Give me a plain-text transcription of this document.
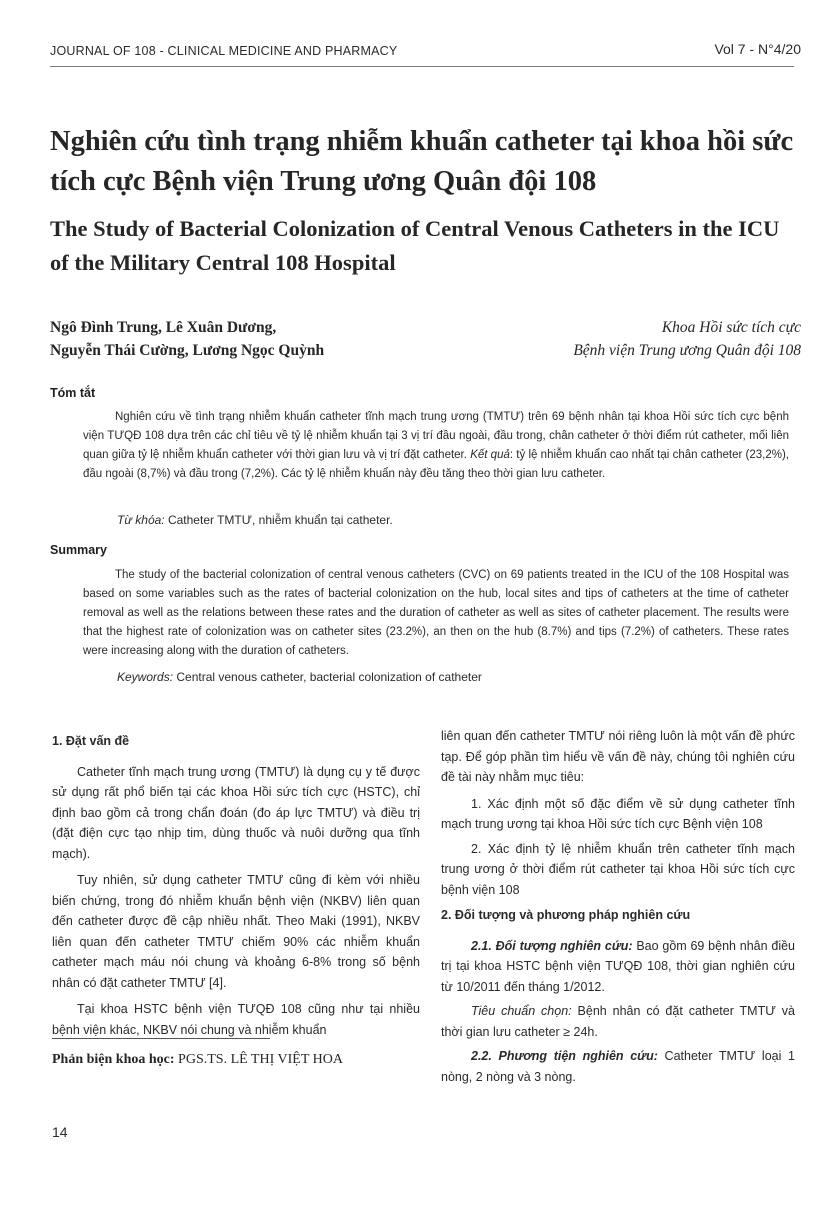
JOURNAL OF 108 - CLINICAL MEDICINE AND PHARMACY	Vol 7 - N°4/20
Nghiên cứu tình trạng nhiễm khuẩn catheter tại khoa hồi sức tích cực Bệnh viện Trung ương Quân đội 108
The Study of Bacterial Colonization of Central Venous Catheters in the ICU of the Military Central 108 Hospital
Ngô Đình Trung, Lê Xuân Dương,
Nguyễn Thái Cường, Lương Ngọc Quỳnh
Khoa Hồi sức tích cực
Bệnh viện Trung ương Quân đội 108
Tóm tắt

Nghiên cứu về tình trạng nhiễm khuẩn catheter tĩnh mạch trung ương (TMTƯ) trên 69 bệnh nhân tại khoa Hồi sức tích cực bệnh viện TƯQĐ 108 dựa trên các chỉ tiêu về tỷ lệ nhiễm khuẩn tại 3 vị trí đầu ngoài, đầu trong, chân catheter ở thời điểm rút catheter, mối liên quan giữa tỷ lệ nhiễm khuẩn catheter với thời gian lưu và vị trí đặt catheter. Kết quả: tỷ lệ nhiễm khuẩn cao nhất tại chân catheter (23,2%), đầu ngoài (8,7%) và đầu trong (7,2%). Các tỷ lệ nhiễm khuẩn này đều tăng theo thời gian lưu catheter.

Từ khóa: Catheter TMTƯ, nhiễm khuẩn tại catheter.
Summary

The study of the bacterial colonization of central venous catheters (CVC) on 69 patients treated in the ICU of the 108 Hospital was based on some variables such as the rates of bacterial colonization on the hub, local sites and tips of catheters at the time of catheter removal as well as the relations between these rates and the duration of catheter as well as sites of catheter placement. The results were that the highest rate of colonization was on catheter sites (23.2%), an then on the hub (8.7%) and tips (7.2%) of catheters. These rates were increasing along with the duration of catheters.

Keywords: Central venous catheter, bacterial colonization of catheter
1. Đặt vấn đề

Catheter tĩnh mạch trung ương (TMTƯ) là dụng cụ y tế được sử dụng rất phổ biến tại các khoa Hồi sức tích cực (HSTC), chỉ định bao gồm cả trong chẩn đoán (đo áp lực TMTƯ) và điều trị (đặt điện cực tạo nhịp tim, dùng thuốc và nuôi dưỡng qua tĩnh mạch).

Tuy nhiên, sử dụng catheter TMTƯ cũng đi kèm với nhiều biến chứng, trong đó nhiễm khuẩn bệnh viện (NKBV) liên quan đến catheter được đề cập nhiều nhất. Theo Maki (1991), NKBV liên quan đến catheter TMTƯ chiếm 90% các nhiễm khuẩn catheter mạch máu nói chung và khoảng 6-8% trong số bệnh nhân có đặt catheter TMTƯ [4].

Tại khoa HSTC bệnh viện TƯQĐ 108 cũng như tại nhiều bệnh viện khác, NKBV nói chung và nhiễm khuẩn

liên quan đến catheter TMTƯ nói riêng luôn là một vấn đề phức tạp. Để góp phần tìm hiểu về vấn đề này, chúng tôi nghiên cứu đề tài này nhằm mục tiêu:

1. Xác định một số đặc điểm về sử dụng catheter tĩnh mạch trung ương tại khoa Hồi sức tích cực Bệnh viện 108

2. Xác định tỷ lệ nhiễm khuẩn trên catheter tĩnh mạch trung ương ở thời điểm rút catheter tại khoa Hồi sức tích cực bệnh viện 108

2. Đối tượng và phương pháp nghiên cứu

2.1. Đối tượng nghiên cứu: Bao gồm 69 bệnh nhân điều trị tại khoa HSTC bệnh viện TƯQĐ 108, thời gian nghiên cứu từ 10/2011 đến tháng 1/2012.

Tiêu chuẩn chọn: Bệnh nhân có đặt catheter TMTƯ và thời gian lưu catheter ≥ 24h.

2.2. Phương tiện nghiên cứu: Catheter TMTƯ loại 1 nòng, 2 nòng và 3 nòng.

Phản biện khoa học: PGS.TS. LÊ THỊ VIỆT HOA
14
